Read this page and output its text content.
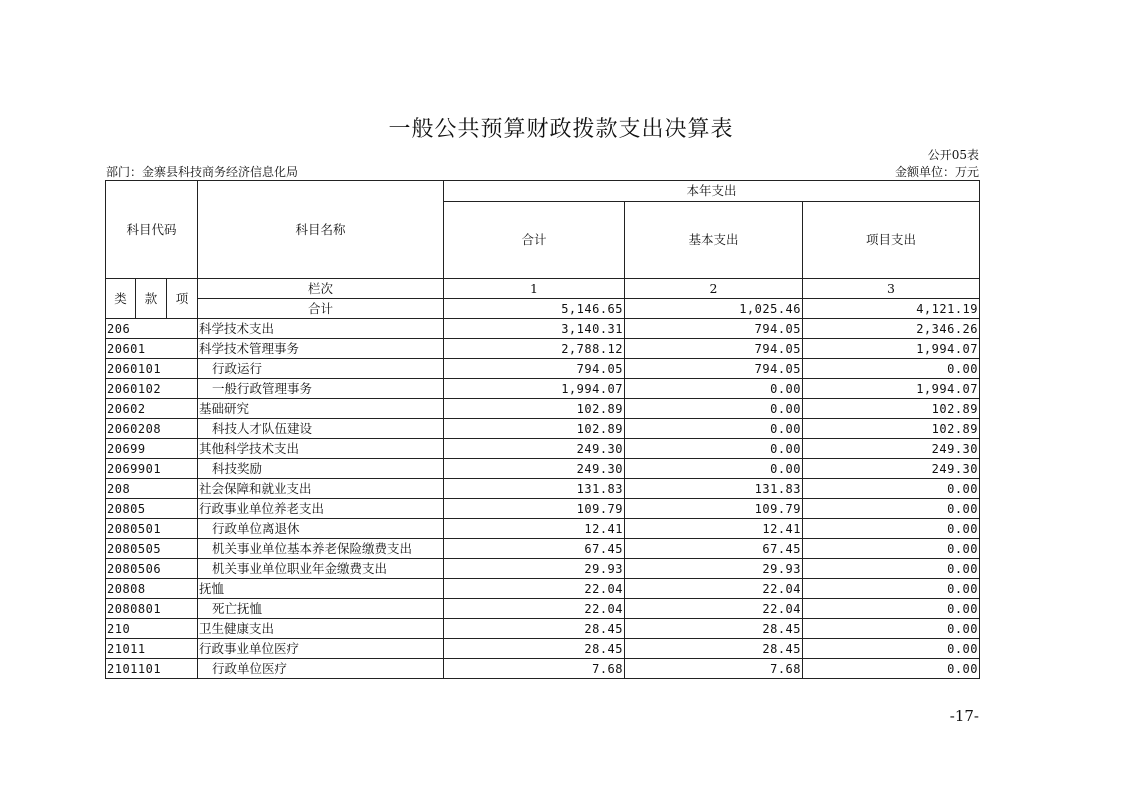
一般公共预算财政拨款支出决算表
公开05表
部门：金寨县科技商务经济信息化局	金额单位：万元
科目代码			科目名称	本年支出		
				合计	基本支出	项目支出

类	款	项	栏次	1	2	3
			合计	5,146.65	1,025.46	4,121.19
206			科学技术支出	3,140.31	794.05	2,346.26
20601			科学技术管理事务	2,788.12	794.05	1,994.07
2060101			行政运行	794.05	794.05	0.00
2060102			一般行政管理事务	1,994.07	0.00	1,994.07
20602			基础研究	102.89	0.00	102.89
2060208			科技人才队伍建设	102.89	0.00	102.89
20699			其他科学技术支出	249.30	0.00	249.30
2069901			科技奖励	249.30	0.00	249.30
208			社会保障和就业支出	131.83	131.83	0.00
20805			行政事业单位养老支出	109.79	109.79	0.00
2080501			行政单位离退休	12.41	12.41	0.00
2080505			机关事业单位基本养老保险缴费支出	67.45	67.45	0.00
2080506			机关事业单位职业年金缴费支出	29.93	29.93	0.00
20808			抚恤	22.04	22.04	0.00
2080801			死亡抚恤	22.04	22.04	0.00
210			卫生健康支出	28.45	28.45	0.00
21011			行政事业单位医疗	28.45	28.45	0.00
2101101			行政单位医疗	7.68	7.68	0.00
-17-
